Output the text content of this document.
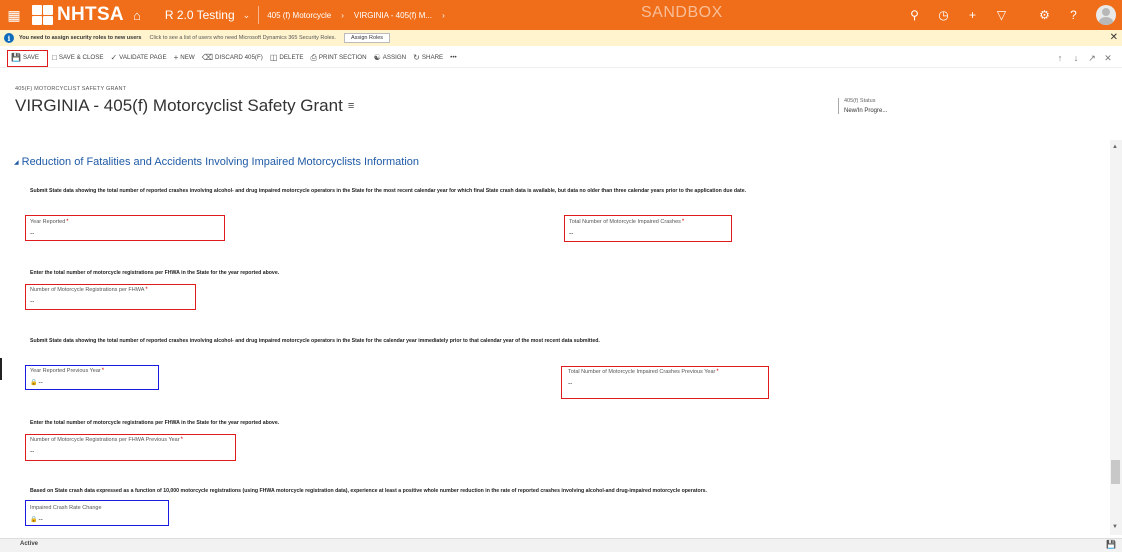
▦	NHTSA ⌂ R 2.0 Testing ⌄ 405 (f) Motorcycle › VIRGINIA - 405(f) M... ›	SANDBOX	⚲	◷	+	▽	⚙	?
i	You need to assign security roles to new users Click to see a list of users who need Microsoft Dynamics 365 Security Roles.	Assign Roles	✕
💾 SAVE □ SAVE & CLOSE ✓ VALIDATE PAGE + NEW ⌫ DISCARD 405(F) ◫ DELETE ⎙ PRINT SECTION ☯ ASSIGN ↻ SHARE •••	↑	↓	↗ ✕
405(F) MOTORCYCLIST SAFETY GRANT
VIRGINIA - 405(f) Motorcyclist Safety Grant ≡	405(f) Status
New/In Progre...
◢ Reduction of Fatalities and Accidents Involving Impaired Motorcyclists Information
Submit State data showing the total number of reported crashes involving alcohol- and drug impaired motorcycle operators in the State for the most recent calendar year for which final State crash data is available, but data no older than three calendar years prior to the application due date.
Year Reported*
--
Total Number of Motorcycle Impaired Crashes*
--
Enter the total number of motorcycle registrations per FHWA in the State for the year reported above.
Number of Motorcycle Registrations per FHWA*
--
Submit State data showing the total number of reported crashes involving alcohol- and drug impaired motorcycle operators in the State for the calendar year immediately prior to that calendar year of the most recent data submitted.
Year Reported Previous Year*
🔒 --
Total Number of Motorcycle Impaired Crashes Previous Year*
--
Enter the total number of motorcycle registrations per FHWA in the State for the year reported above.
Number of Motorcycle Registrations per FHWA Previous Year*
--
Based on State crash data expressed as a function of 10,000 motorcycle registrations (using FHWA motorcycle registration data), experience at least a positive whole number reduction in the rate of reported crashes involving alcohol-and drug-impaired motorcycle operators.
Impaired Crash Rate Change
🔒 --
▲
▼
Active	💾
